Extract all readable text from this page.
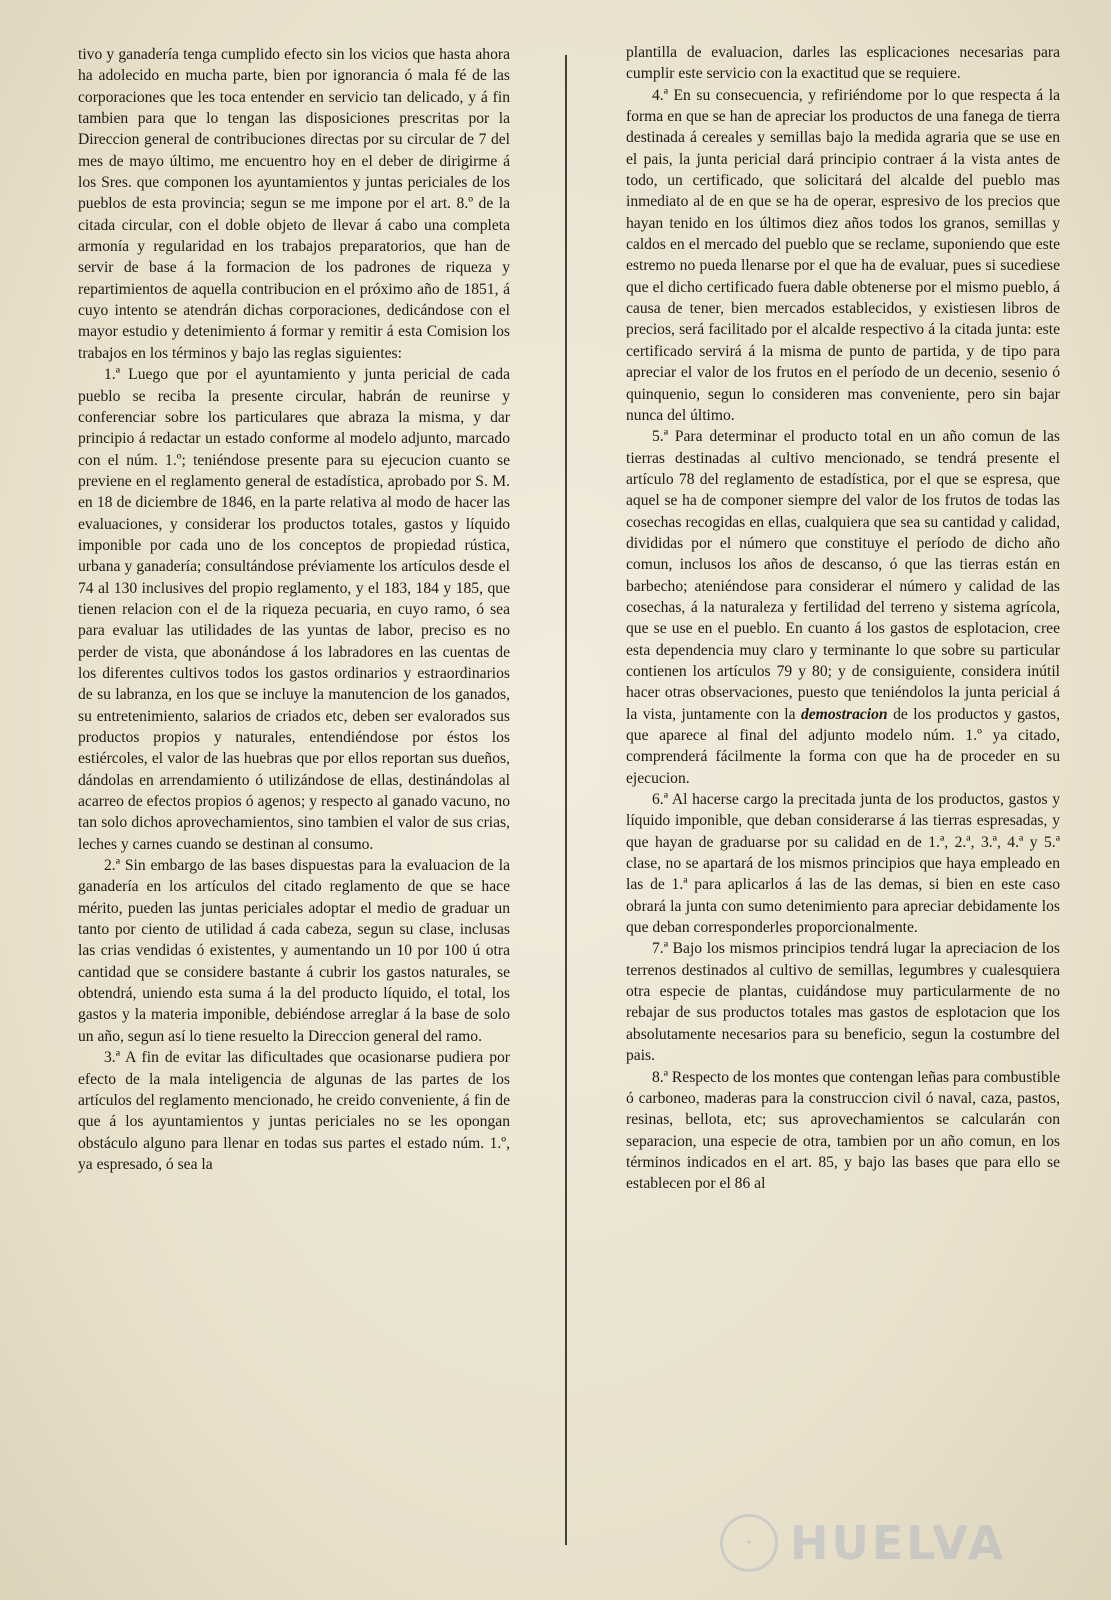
tivo y ganadería tenga cumplido efecto sin los vicios que hasta ahora ha adolecido en mucha parte, bien por ignorancia ó mala fé de las corporaciones que les toca entender en servicio tan delicado, y á fin tambien para que lo tengan las disposiciones prescritas por la Direccion general de contribuciones directas por su circular de 7 del mes de mayo último, me encuentro hoy en el deber de dirigirme á los Sres. que componen los ayuntamientos y juntas periciales de los pueblos de esta provincia; segun se me impone por el art. 8.º de la citada circular, con el doble objeto de llevar á cabo una completa armonía y regularidad en los trabajos preparatorios, que han de servir de base á la formacion de los padrones de riqueza y repartimientos de aquella contribucion en el próximo año de 1851, á cuyo intento se atendrán dichas corporaciones, dedicándose con el mayor estudio y detenimiento á formar y remitir á esta Comision los trabajos en los términos y bajo las reglas siguientes:

1.ª Luego que por el ayuntamiento y junta pericial de cada pueblo se reciba la presente circular, habrán de reunirse y conferenciar sobre los particulares que abraza la misma, y dar principio á redactar un estado conforme al modelo adjunto, marcado con el núm. 1.º; teniéndose presente para su ejecucion cuanto se previene en el reglamento general de estadística, aprobado por S. M. en 18 de diciembre de 1846, en la parte relativa al modo de hacer las evaluaciones, y considerar los productos totales, gastos y líquido imponible por cada uno de los conceptos de propiedad rústica, urbana y ganadería; consultándose préviamente los artículos desde el 74 al 130 inclusives del propio reglamento, y el 183, 184 y 185, que tienen relacion con el de la riqueza pecuaria, en cuyo ramo, ó sea para evaluar las utilidades de las yuntas de labor, preciso es no perder de vista, que abonándose á los labradores en las cuentas de los diferentes cultivos todos los gastos ordinarios y estraordinarios de su labranza, en los que se incluye la manutencion de los ganados, su entretenimiento, salarios de criados etc, deben ser evalorados sus productos propios y naturales, entendiéndose por éstos los estiércoles, el valor de las huebras que por ellos reportan sus dueños, dándolas en arrendamiento ó utilizándose de ellas, destinándolas al acarreo de efectos propios ó agenos; y respecto al ganado vacuno, no tan solo dichos aprovechamientos, sino tambien el valor de sus crias, leches y carnes cuando se destinan al consumo.

2.ª Sin embargo de las bases dispuestas para la evaluacion de la ganadería en los artículos del citado reglamento de que se hace mérito, pueden las juntas periciales adoptar el medio de graduar un tanto por ciento de utilidad á cada cabeza, segun su clase, inclusas las crias vendidas ó existentes, y aumentando un 10 por 100 ú otra cantidad que se considere bastante á cubrir los gastos naturales, se obtendrá, uniendo esta suma á la del producto líquido, el total, los gastos y la materia imponible, debiéndose arreglar á la base de solo un año, segun así lo tiene resuelto la Direccion general del ramo.

3.ª A fin de evitar las dificultades que ocasionarse pudiera por efecto de la mala inteligencia de algunas de las partes de los artículos del reglamento mencionado, he creido conveniente, á fin de que á los ayuntamientos y juntas periciales no se les opongan obstáculo alguno para llenar en todas sus partes el estado núm. 1.º, ya espresado, ó sea la

plantilla de evaluacion, darles las esplicaciones necesarias para cumplir este servicio con la exactitud que se requiere.

4.ª En su consecuencia, y refiriéndome por lo que respecta á la forma en que se han de apreciar los productos de una fanega de tierra destinada á cereales y semillas bajo la medida agraria que se use en el pais, la junta pericial dará principio contraer á la vista antes de todo, un certificado, que solicitará del alcalde del pueblo mas inmediato al de en que se ha de operar, espresivo de los precios que hayan tenido en los últimos diez años todos los granos, semillas y caldos en el mercado del pueblo que se reclame, suponiendo que este estremo no pueda llenarse por el que ha de evaluar, pues si sucediese que el dicho certificado fuera dable obtenerse por el mismo pueblo, á causa de tener, bien mercados establecidos, y existiesen libros de precios, será facilitado por el alcalde respectivo á la citada junta: este certificado servirá á la misma de punto de partida, y de tipo para apreciar el valor de los frutos en el período de un decenio, sesenio ó quinquenio, segun lo consideren mas conveniente, pero sin bajar nunca del último.

5.ª Para determinar el producto total en un año comun de las tierras destinadas al cultivo mencionado, se tendrá presente el artículo 78 del reglamento de estadística, por el que se espresa, que aquel se ha de componer siempre del valor de los frutos de todas las cosechas recogidas en ellas, cualquiera que sea su cantidad y calidad, divididas por el número que constituye el período de dicho año comun, inclusos los años de descanso, ó que las tierras están en barbecho; ateniéndose para considerar el número y calidad de las cosechas, á la naturaleza y fertilidad del terreno y sistema agrícola, que se use en el pueblo. En cuanto á los gastos de esplotacion, cree esta dependencia muy claro y terminante lo que sobre su particular contienen los artículos 79 y 80; y de consiguiente, considera inútil hacer otras observaciones, puesto que teniéndolos la junta pericial á la vista, juntamente con la demostracion de los productos y gastos, que aparece al final del adjunto modelo núm. 1.º ya citado, comprenderá fácilmente la forma con que ha de proceder en su ejecucion.

6.ª Al hacerse cargo la precitada junta de los productos, gastos y líquido imponible, que deban considerarse á las tierras espresadas, y que hayan de graduarse por su calidad en de 1.ª, 2.ª, 3.ª, 4.ª y 5.ª clase, no se apartará de los mismos principios que haya empleado en las de 1.ª para aplicarlos á las de las demas, si bien en este caso obrará la junta con sumo detenimiento para apreciar debidamente los que deban corresponderles proporcionalmente.

7.ª Bajo los mismos principios tendrá lugar la apreciacion de los terrenos destinados al cultivo de semillas, legumbres y cualesquiera otra especie de plantas, cuidándose muy particularmente de no rebajar de sus productos totales mas gastos de esplotacion que los absolutamente necesarios para su beneficio, segun la costumbre del pais.

8.ª Respecto de los montes que contengan leñas para combustible ó carboneo, maderas para la construccion civil ó naval, caza, pastos, resinas, bellota, etc; sus aprovechamientos se calcularán con separacion, una especie de otra, tambien por un año comun, en los términos indicados en el art. 85, y bajo las bases que para ello se establecen por el 86 al

✦ HUELVA
